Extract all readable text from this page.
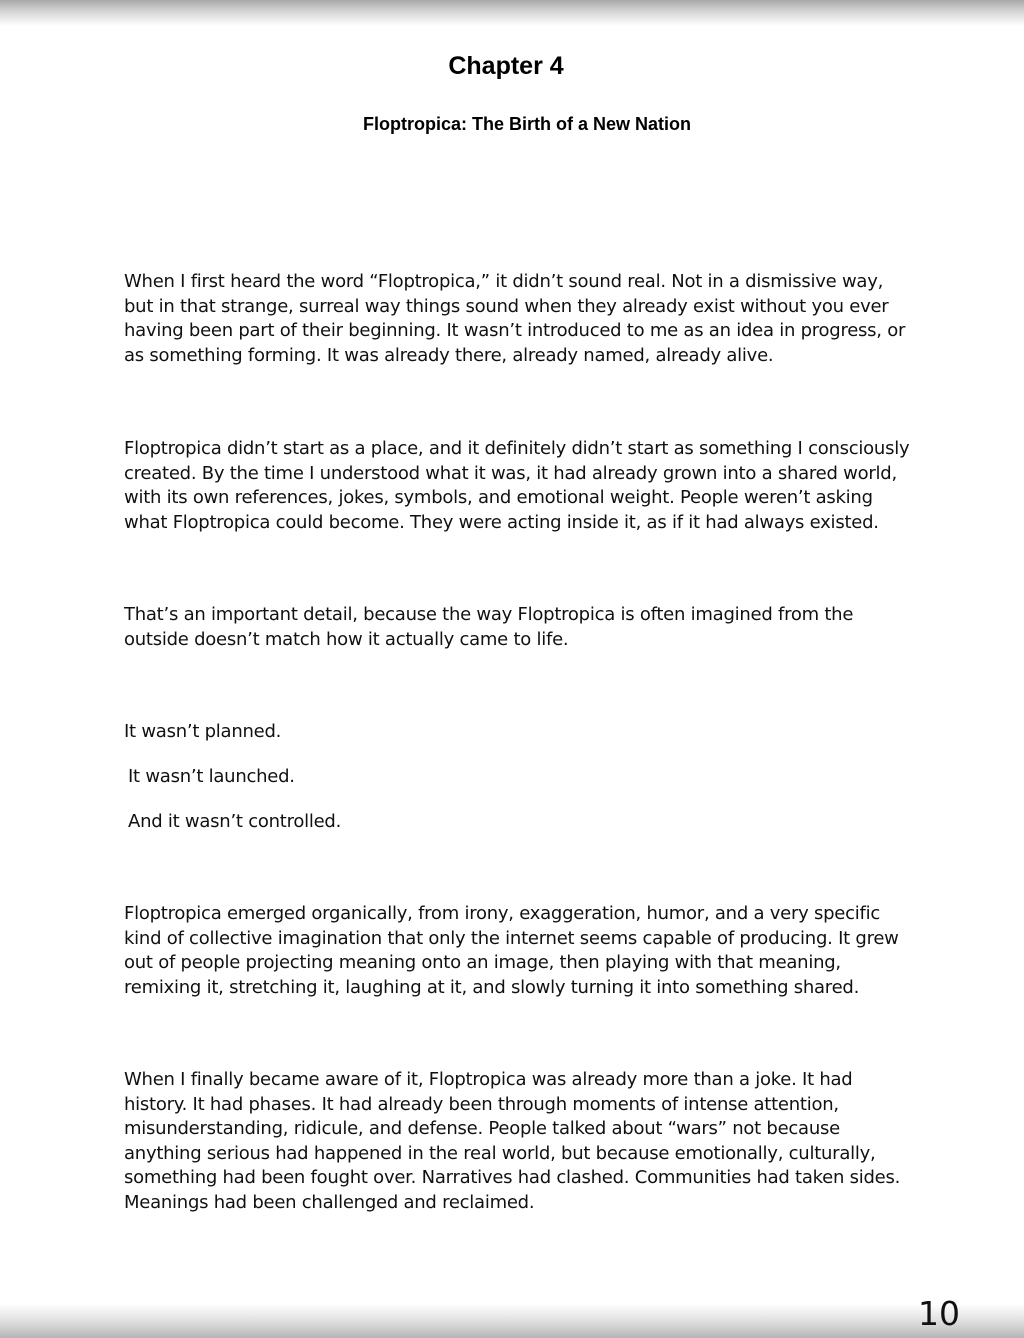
Chapter 4
Floptropica: The Birth of a New Nation

When I first heard the word “Floptropica,” it didn’t sound real. Not in a dismissive way, but in that strange, surreal way things sound when they already exist without you ever having been part of their beginning. It wasn’t introduced to me as an idea in progress, or as something forming. It was already there, already named, already alive.

Floptropica didn’t start as a place, and it definitely didn’t start as something I consciously created. By the time I understood what it was, it had already grown into a shared world, with its own references, jokes, symbols, and emotional weight. People weren’t asking what Floptropica could become. They were acting inside it, as if it had always existed.

That’s an important detail, because the way Floptropica is often imagined from the outside doesn’t match how it actually came to life.

It wasn’t planned.

It wasn’t launched.

And it wasn’t controlled.

Floptropica emerged organically, from irony, exaggeration, humor, and a very specific kind of collective imagination that only the internet seems capable of producing. It grew out of people projecting meaning onto an image, then playing with that meaning, remixing it, stretching it, laughing at it, and slowly turning it into something shared.

When I finally became aware of it, Floptropica was already more than a joke. It had history. It had phases. It had already been through moments of intense attention, misunderstanding, ridicule, and defense. People talked about “wars” not because anything serious had happened in the real world, but because emotionally, culturally, something had been fought over. Narratives had clashed. Communities had taken sides. Meanings had been challenged and reclaimed.

10
